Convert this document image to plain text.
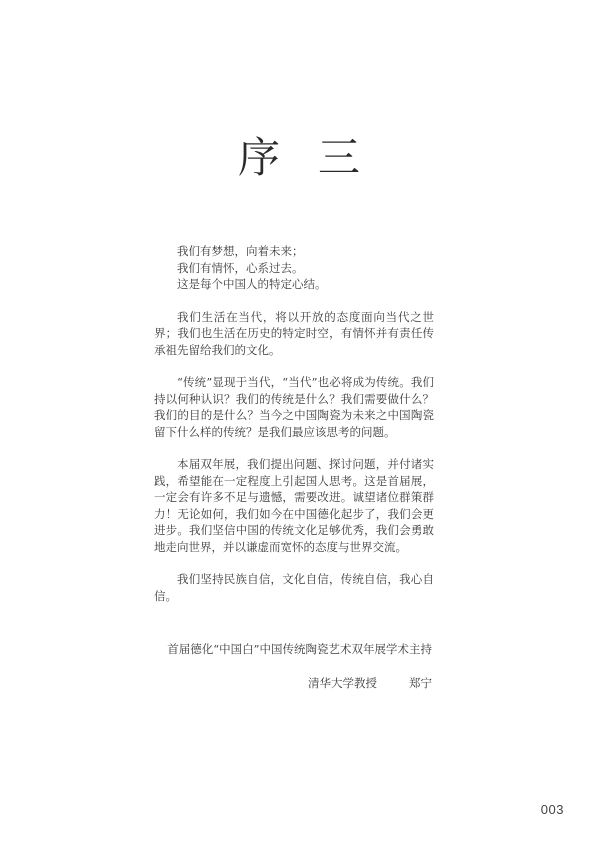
序 三

我们有梦想，向着未来；

我们有情怀，心系过去。

这是每个中国人的特定心结。

我们生活在当代，将以开放的态度面向当代之世界；我们也生活在历史的特定时空，有情怀并有责任传承祖先留给我们的文化。

“传统”显现于当代，“当代”也必将成为传统。我们持以何种认识？我们的传统是什么？我们需要做什么？我们的目的是什么？当今之中国陶瓷为未来之中国陶瓷留下什么样的传统？是我们最应该思考的问题。

本届双年展，我们提出问题、探讨问题，并付诸实践，希望能在一定程度上引起国人思考。这是首届展，一定会有许多不足与遗憾，需要改进。诚望诸位群策群力！无论如何，我们如今在中国德化起步了，我们会更进步。我们坚信中国的传统文化足够优秀，我们会勇敢地走向世界，并以谦虚而宽怀的态度与世界交流。

我们坚持民族自信，文化自信，传统自信，我心自信。

首届德化“中国白”中国传统陶瓷艺术双年展学术主持
清华大学教授	郑宁
003
